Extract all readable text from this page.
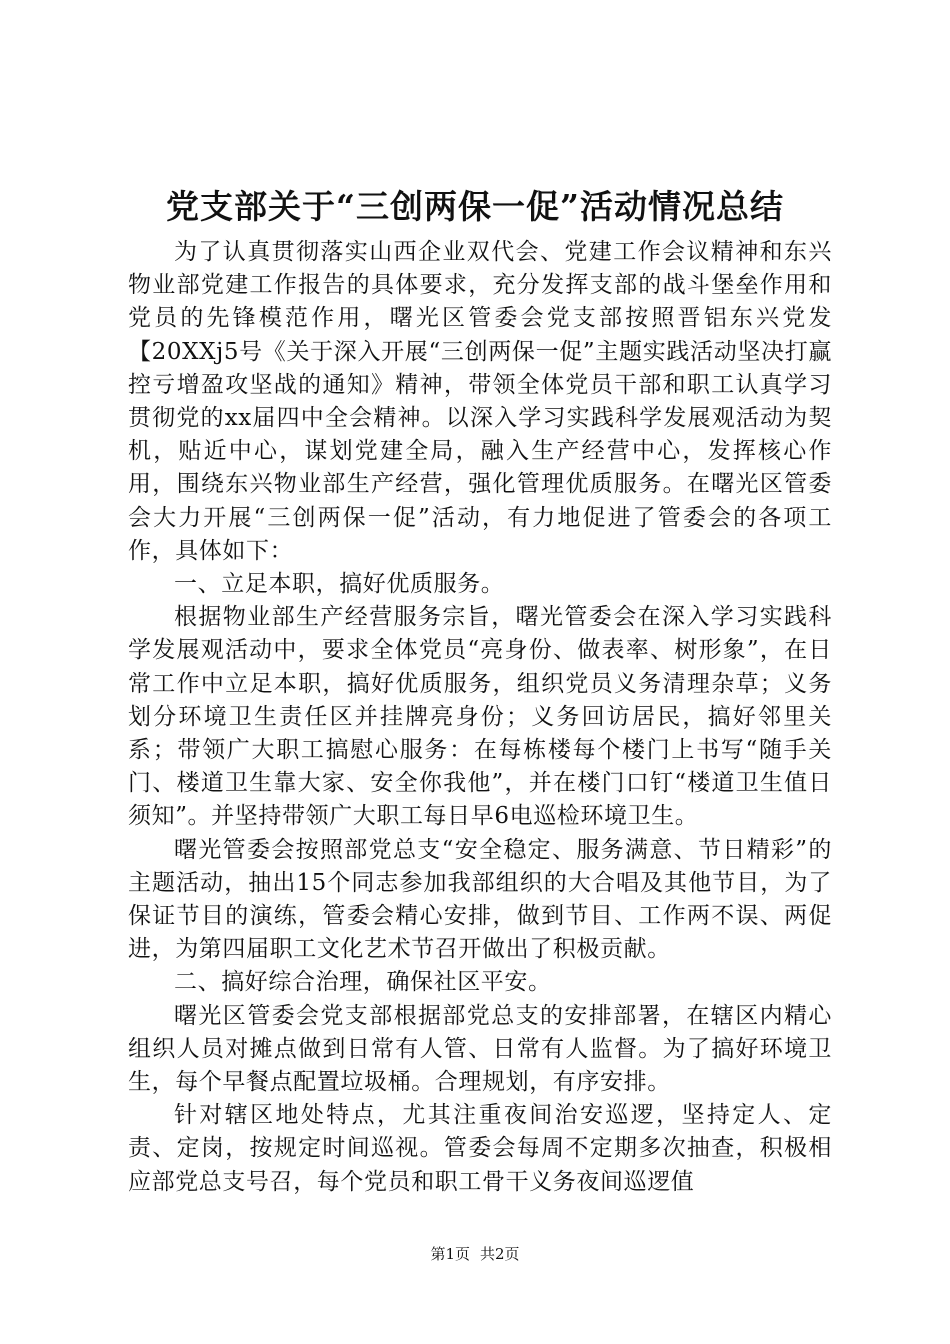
党支部关于“三创两保一促”活动情况总结

为了认真贯彻落实山西企业双代会、党建工作会议精神和东兴物业部党建工作报告的具体要求，充分发挥支部的战斗堡垒作用和党员的先锋模范作用，曙光区管委会党支部按照晋铝东兴党发【20XXj5号《关于深入开展“三创两保一促”主题实践活动坚决打赢控亏增盈攻坚战的通知》精神，带领全体党员干部和职工认真学习贯彻党的xx届四中全会精神。以深入学习实践科学发展观活动为契机，贴近中心，谋划党建全局，融入生产经营中心，发挥核心作用，围绕东兴物业部生产经营，强化管理优质服务。在曙光区管委会大力开展“三创两保一促”活动，有力地促进了管委会的各项工作，具体如下：

一、立足本职，搞好优质服务。

根据物业部生产经营服务宗旨，曙光管委会在深入学习实践科学发展观活动中，要求全体党员“亮身份、做表率、树形象”，在日常工作中立足本职，搞好优质服务，组织党员义务清理杂草；义务划分环境卫生责任区并挂牌亮身份；义务回访居民，搞好邻里关系；带领广大职工搞慰心服务：在每栋楼每个楼门上书写“随手关门、楼道卫生靠大家、安全你我他”，并在楼门口钉“楼道卫生值日须知”。并坚持带领广大职工每日早6电巡检环境卫生。

曙光管委会按照部党总支“安全稳定、服务满意、节日精彩”的主题活动，抽出15个同志参加我部组织的大合唱及其他节目，为了保证节目的演练，管委会精心安排，做到节目、工作两不误、两促进，为第四届职工文化艺术节召开做出了积极贡献。

二、搞好综合治理，确保社区平安。

曙光区管委会党支部根据部党总支的安排部署，在辖区内精心组织人员对摊点做到日常有人管、日常有人监督。为了搞好环境卫生，每个早餐点配置垃圾桶。合理规划，有序安排。

针对辖区地处特点，尤其注重夜间治安巡逻，坚持定人、定责、定岗，按规定时间巡视。管委会每周不定期多次抽查，积极相应部党总支号召，每个党员和职工骨干义务夜间巡逻值

第1页 共2页
